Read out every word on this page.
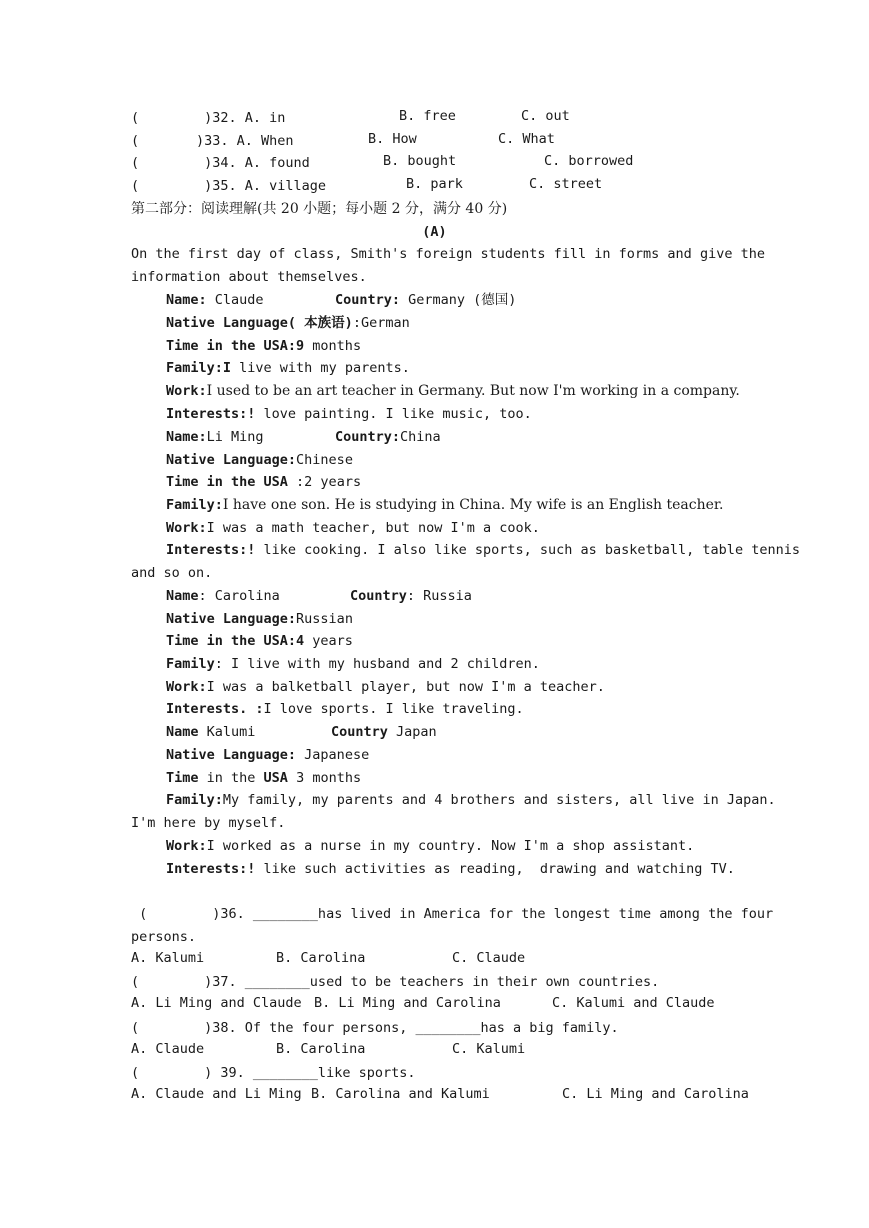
(        )32. A. in	B. free	C. out
(       )33. A. When	B. How	C. What
(        )34. A. found	B. bought	C. borrowed
(        )35. A. village	B. park	C. street
第二部分：阅读理解(共 20 小题；每小题 2 分，满分 40 分)
(A)
On the first day of class, Smith's foreign students fill in forms and give the
information about themselves.
Name: Claude	Country: Germany (德国)
Native Language( 本族语):German
Time in the USA:9 months
Family:I live with my parents.
Work:I used to be an art teacher in Germany. But now I'm working in a company.
Interests:! love painting. I like music, too.
Name:Li Ming	Country:China
Native Language:Chinese
Time in the USA :2 years
Family:I have one son. He is studying in China. My wife is an English teacher.
Work:I was a math teacher, but now I'm a cook.
Interests:! like cooking. I also like sports, such as basketball, table tennis
and so on.
Name: Carolina	Country: Russia
Native Language:Russian
Time in the USA:4 years
Family: I live with my husband and 2 children.
Work:I was a balketball player, but now I'm a teacher.
Interests. :I love sports. I like traveling.
Name Kalumi	Country Japan
Native Language: Japanese
Time in the USA 3 months
Family:My family, my parents and 4 brothers and sisters, all live in Japan.
I'm here by myself.
Work:I worked as a nurse in my country. Now I'm a shop assistant.
Interests:! like such activities as reading,  drawing and watching TV.
(        )36. ________has lived in America for the longest time among the four
persons.
A. Kalumi	B. Carolina	C. Claude
(        )37. ________used to be teachers in their own countries.
A. Li Ming and Claude B. Li Ming and Carolina	C. Kalumi and Claude
(        )38. Of the four persons, ________has a big family.
A. Claude	B. Carolina	C. Kalumi
(        ) 39. ________like sports.
A. Claude and Li Ming B. Carolina and Kalumi	C. Li Ming and Carolina
